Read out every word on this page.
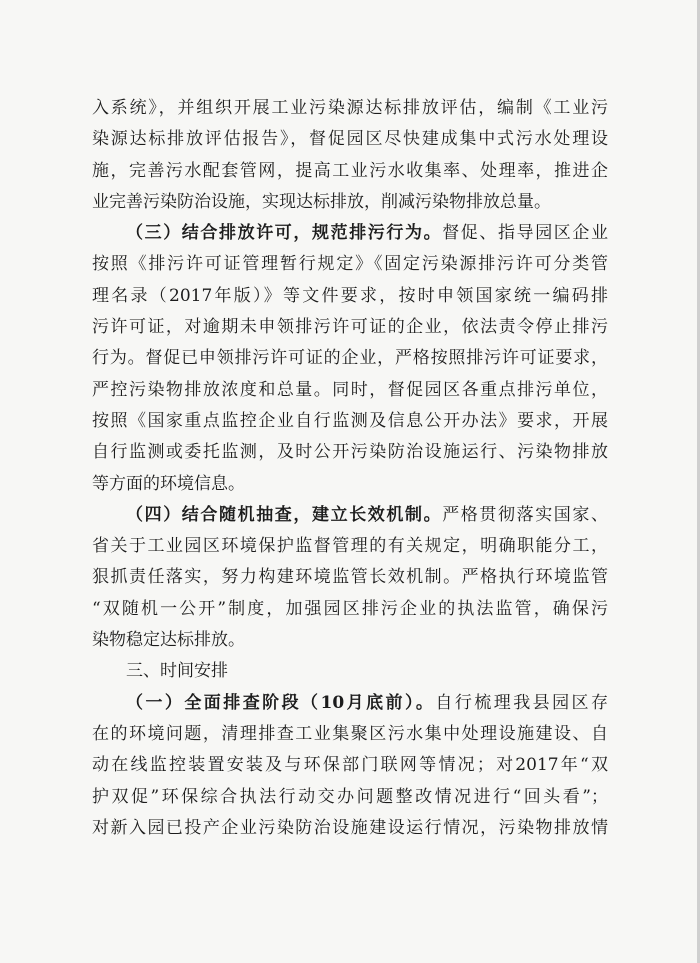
入系统》，并组织开展工业污染源达标排放评估，编制《工业污
染源达标排放评估报告》，督促园区尽快建成集中式污水处理设
施，完善污水配套管网，提高工业污水收集率、处理率，推进企
业完善污染防治设施，实现达标排放，削减污染物排放总量。
（三）结合排放许可，规范排污行为。督促、指导园区企业
按照《排污许可证管理暂行规定》《固定污染源排污许可分类管
理名录（2017年版）》等文件要求，按时申领国家统一编码排
污许可证，对逾期未申领排污许可证的企业，依法责令停止排污
行为。督促已申领排污许可证的企业，严格按照排污许可证要求，
严控污染物排放浓度和总量。同时，督促园区各重点排污单位，
按照《国家重点监控企业自行监测及信息公开办法》要求，开展
自行监测或委托监测，及时公开污染防治设施运行、污染物排放
等方面的环境信息。
（四）结合随机抽查，建立长效机制。严格贯彻落实国家、
省关于工业园区环境保护监督管理的有关规定，明确职能分工，
狠抓责任落实，努力构建环境监管长效机制。严格执行环境监管
“双随机一公开”制度，加强园区排污企业的执法监管，确保污
染物稳定达标排放。
三、时间安排
（一）全面排查阶段（10月底前）。自行梳理我县园区存
在的环境问题，清理排查工业集聚区污水集中处理设施建设、自
动在线监控装置安装及与环保部门联网等情况；对2017年“双
护双促”环保综合执法行动交办问题整改情况进行“回头看”；
对新入园已投产企业污染防治设施建设运行情况，污染物排放情
